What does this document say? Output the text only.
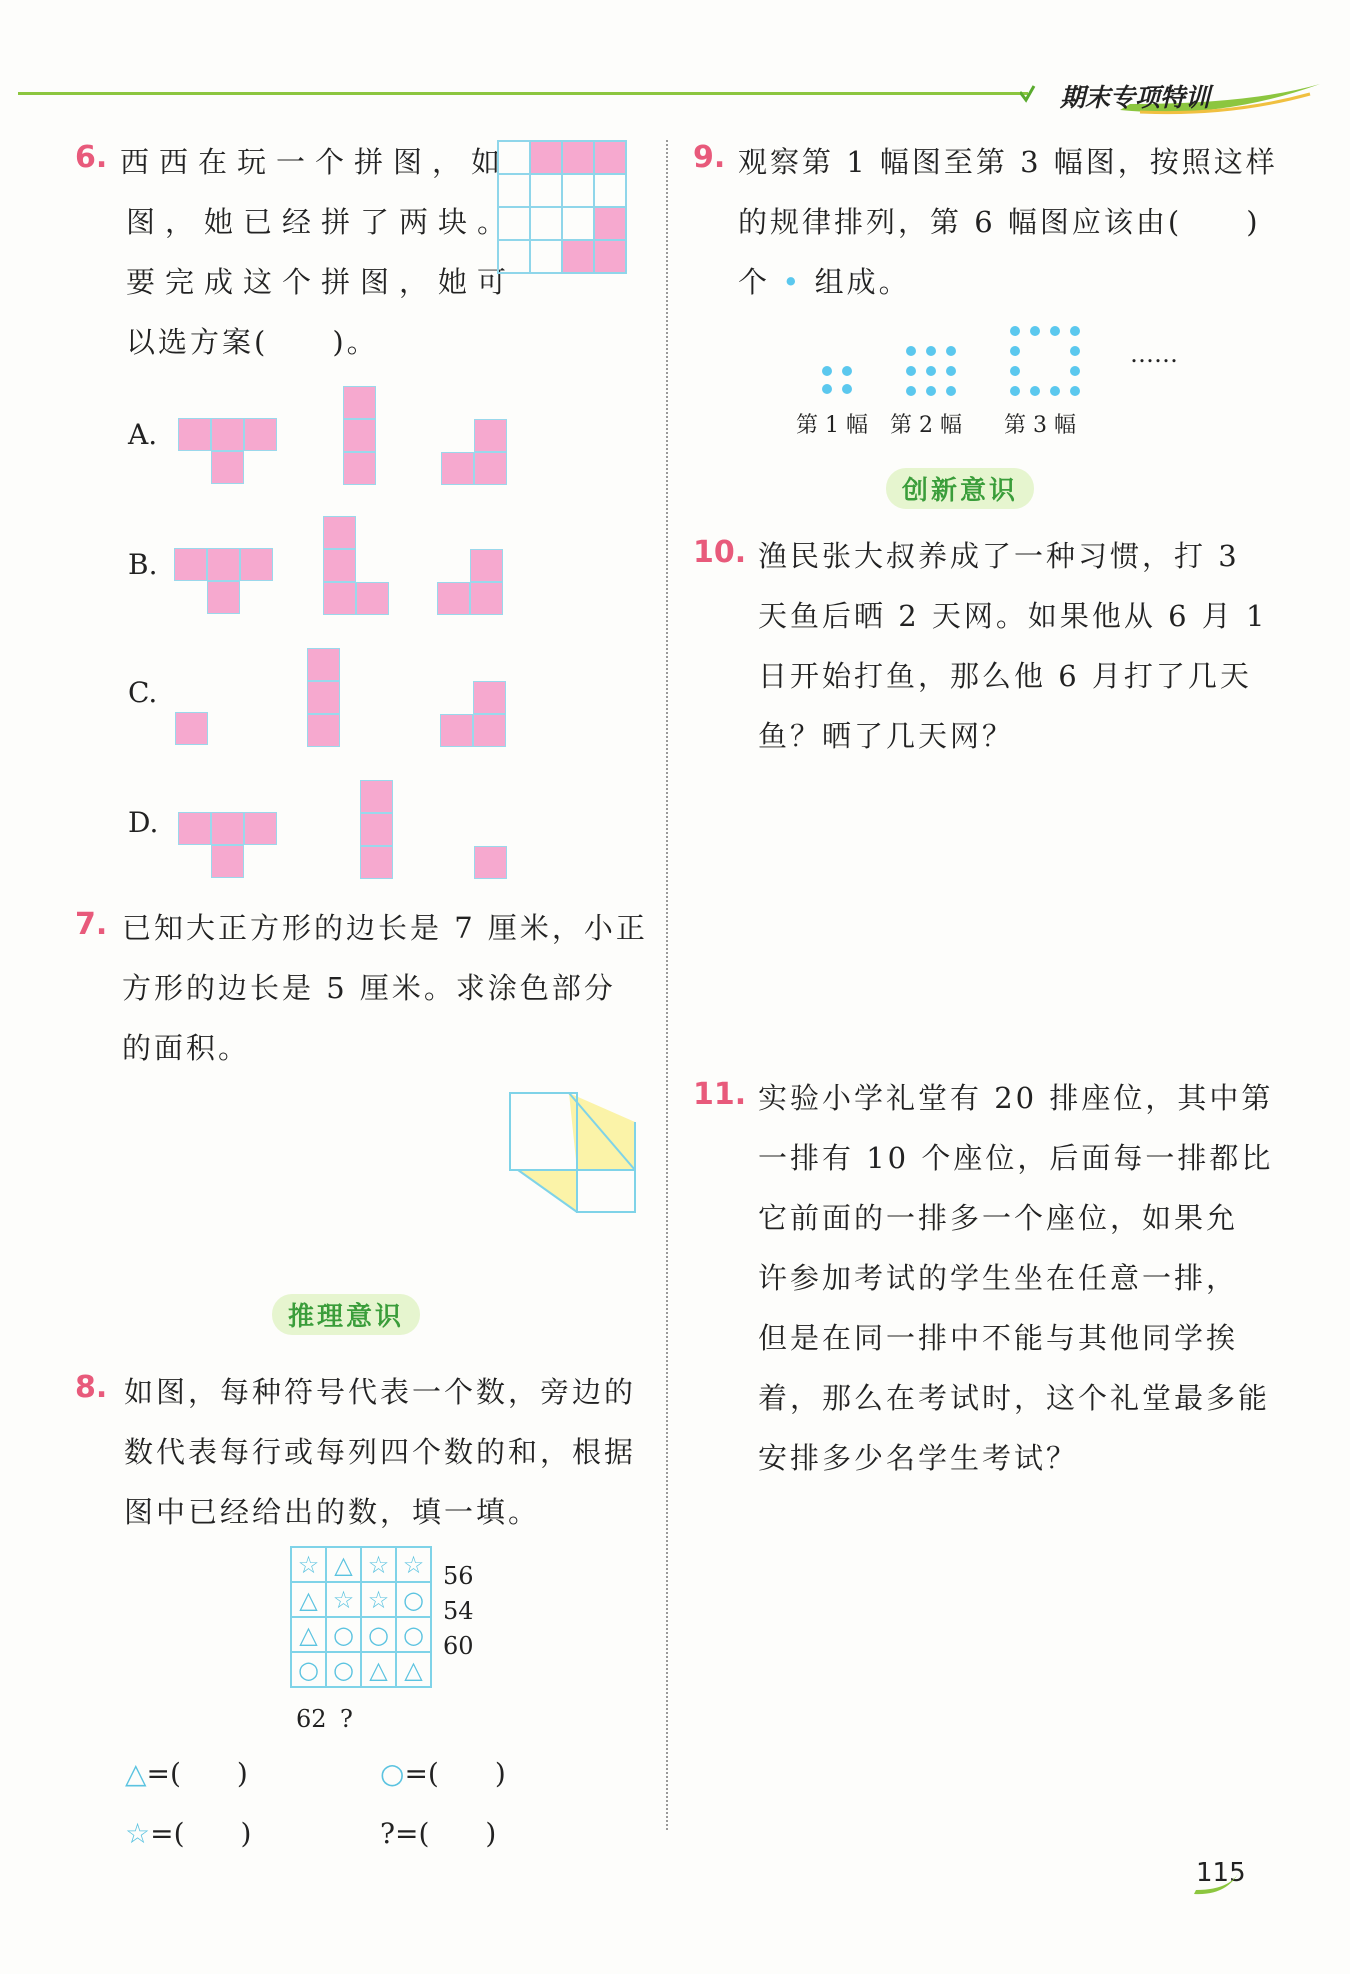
期末专项特训
6. 西西在玩一个拼图，如
图，她已经拼了两块。
要完成这个拼图，她可
以选方案(　　)。
A.
B.
C.
D.
7. 已知大正方形的边长是 7 厘米，小正
方形的边长是 5 厘米。求涂色部分
的面积。
推理意识
8. 如图，每种符号代表一个数，旁边的
数代表每行或每列四个数的和，根据
图中已经给出的数，填一填。
☆	△	☆	☆
△	☆	☆	○
△	○	○	○
○	○	△	△
56
54
60
62 ?
△=(　　)	○=(　　)
☆=(　　)	?=(　　)
9. 观察第 1 幅图至第 3 幅图，按照这样
的规律排列，第 6 幅图应该由(　　)
个 • 组成。
……
第 1 幅 第 2 幅 第 3 幅
创新意识
10. 渔民张大叔养成了一种习惯，打 3
天鱼后晒 2 天网。如果他从 6 月 1
日开始打鱼，那么他 6 月打了几天
鱼？晒了几天网？
11. 实验小学礼堂有 20 排座位，其中第
一排有 10 个座位，后面每一排都比
它前面的一排多一个座位，如果允
许参加考试的学生坐在任意一排，
但是在同一排中不能与其他同学挨
着，那么在考试时，这个礼堂最多能
安排多少名学生考试？
115
